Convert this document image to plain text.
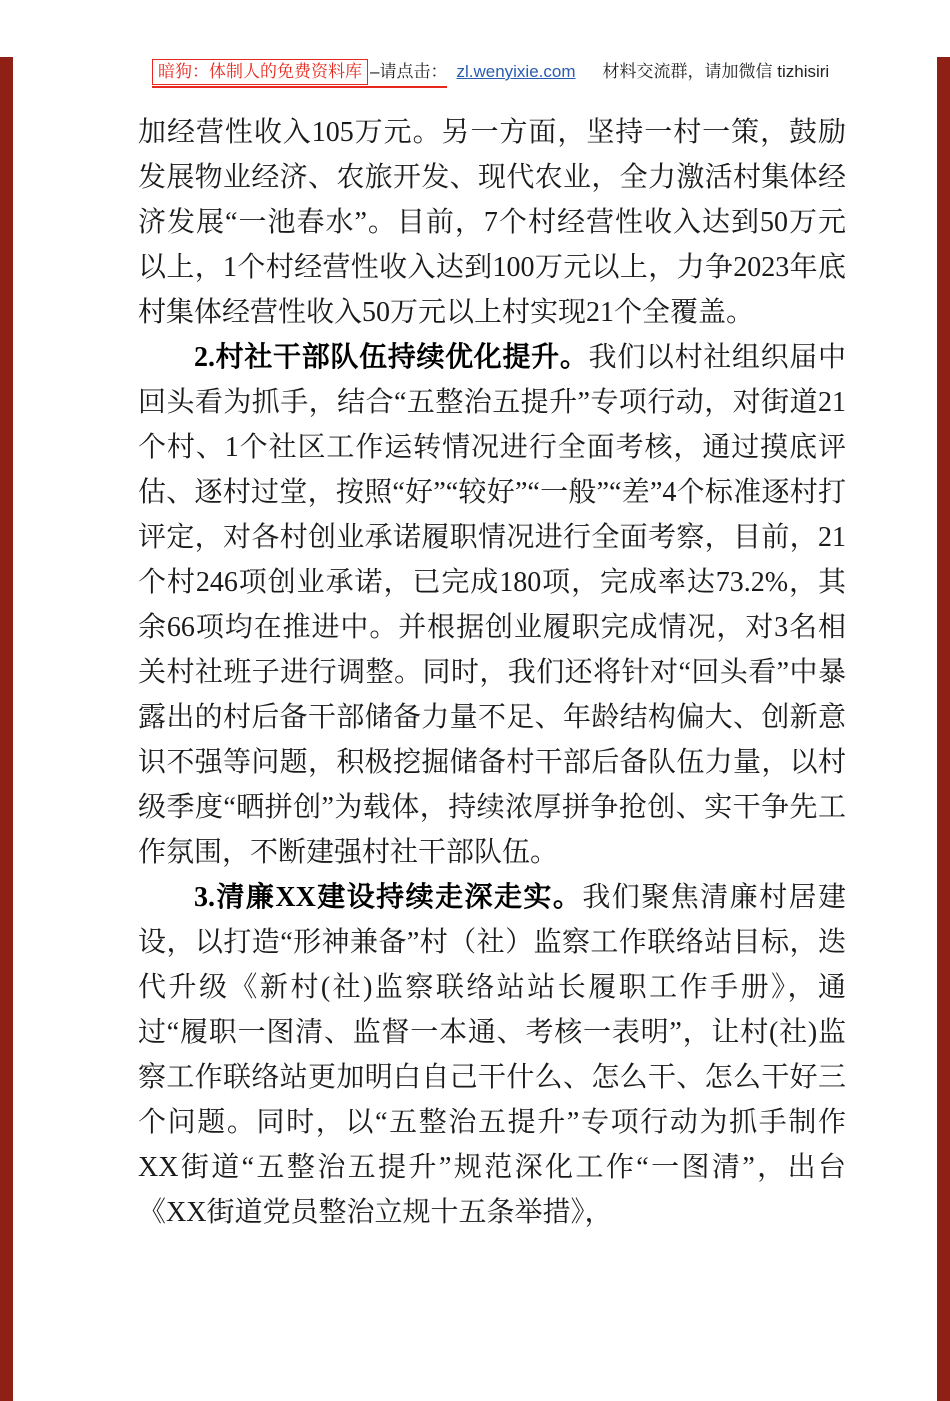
暗狗：体制人的免费资料库 –请点击： zl.wenyixie.com 材料交流群，请加微信 tizhisiri

加经营性收入105万元。另一方面，坚持一村一策，鼓励发展物业经济、农旅开发、现代农业，全力激活村集体经济发展“一池春水”。目前，7个村经营性收入达到50万元以上，1个村经营性收入达到100万元以上，力争2023年底村集体经营性收入50万元以上村实现21个全覆盖。

2.村社干部队伍持续优化提升。我们以村社组织届中回头看为抓手，结合“五整治五提升”专项行动，对街道21个村、1个社区工作运转情况进行全面考核，通过摸底评估、逐村过堂，按照“好”“较好”“一般”“差”4个标准逐村打评定，对各村创业承诺履职情况进行全面考察，目前，21个村246项创业承诺，已完成180项，完成率达73.2%，其余66项均在推进中。并根据创业履职完成情况，对3名相关村社班子进行调整。同时，我们还将针对“回头看”中暴露出的村后备干部储备力量不足、年龄结构偏大、创新意识不强等问题，积极挖掘储备村干部后备队伍力量，以村级季度“晒拼创”为载体，持续浓厚拼争抢创、实干争先工作氛围，不断建强村社干部队伍。

3.清廉XX建设持续走深走实。我们聚焦清廉村居建设，以打造“形神兼备”村（社）监察工作联络站目标，迭代升级《新村(社)监察联络站站长履职工作手册》，通过“履职一图清、监督一本通、考核一表明”，让村(社)监察工作联络站更加明白自己干什么、怎么干、怎么干好三个问题。同时，以“五整治五提升”专项行动为抓手制作XX街道“五整治五提升”规范深化工作“一图清”，出台《XX街道党员整治立规十五条举措》，
